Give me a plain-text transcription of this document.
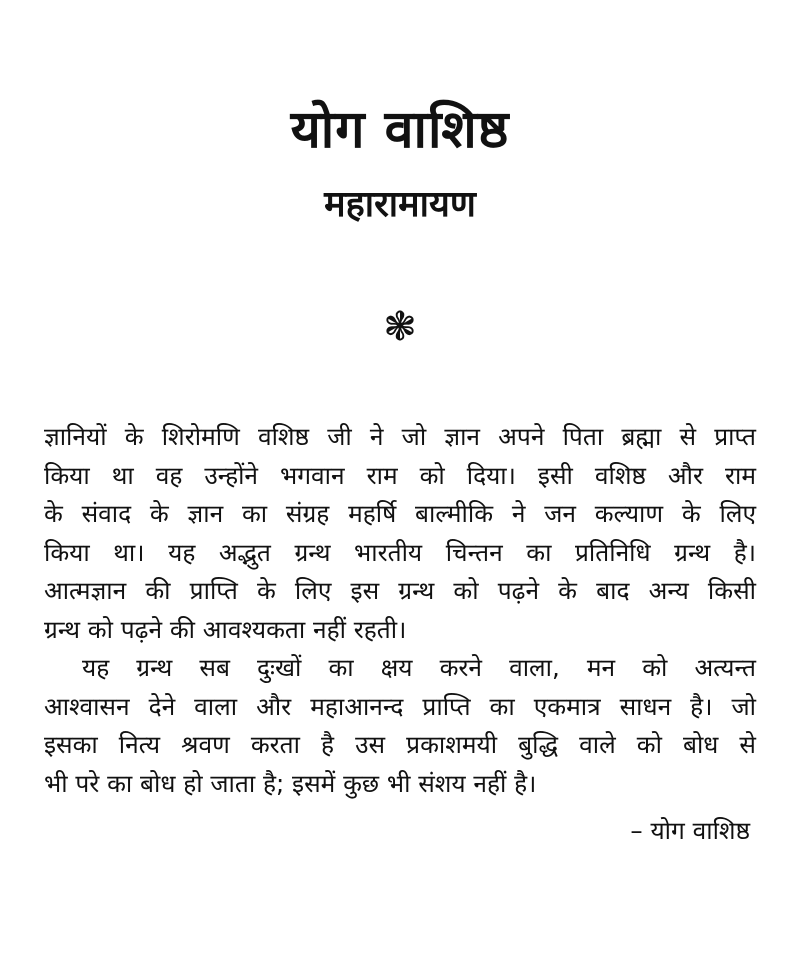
योग वाशिष्ठ
महारामायण
❃
ज्ञानियों के शिरोमणि वशिष्ठ जी ने जो ज्ञान अपने पिता ब्रह्मा से प्राप्त
किया था वह उन्होंने भगवान राम को दिया। इसी वशिष्ठ और राम
के संवाद के ज्ञान का संग्रह महर्षि बाल्मीकि ने जन कल्याण के लिए
किया था। यह अद्भुत ग्रन्थ भारतीय चिन्तन का प्रतिनिधि ग्रन्थ है।
आत्मज्ञान की प्राप्ति के लिए इस ग्रन्थ को पढ़ने के बाद अन्य किसी
ग्रन्थ को पढ़ने की आवश्यकता नहीं रहती।
यह ग्रन्थ सब दुःखों का क्षय करने वाला, मन को अत्यन्त
आश्वासन देने वाला और महाआनन्द प्राप्ति का एकमात्र साधन है। जो
इसका नित्य श्रवण करता है उस प्रकाशमयी बुद्धि वाले को बोध से
भी परे का बोध हो जाता है; इसमें कुछ भी संशय नहीं है।
– योग वाशिष्ठ
